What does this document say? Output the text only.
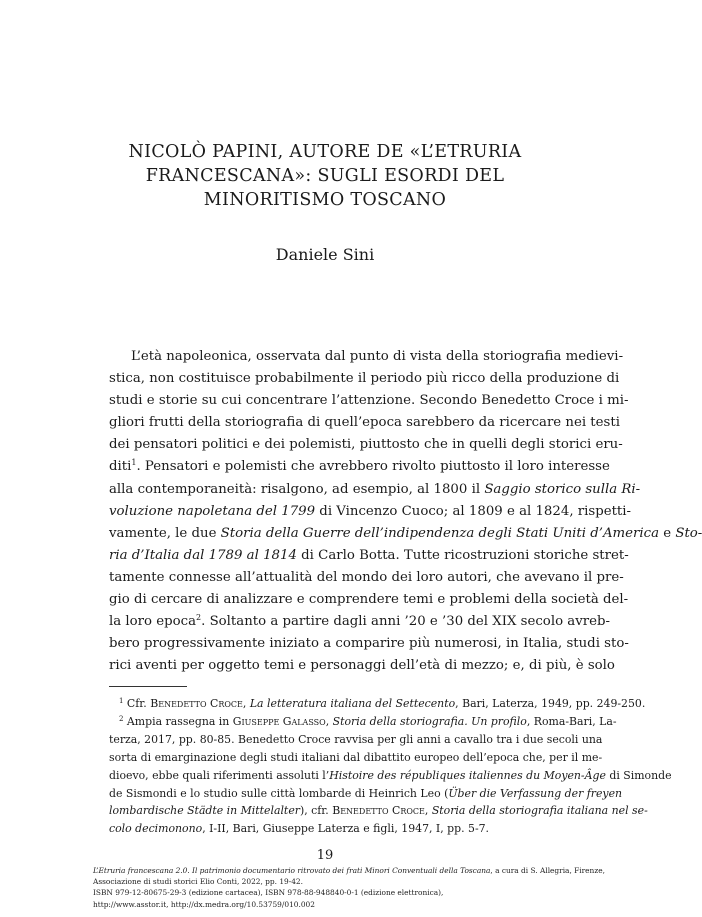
NICOLÒ PAPINI, AUTORE DE «L’ETRURIA
FRANCESCANA»: SUGLI ESORDI DEL
MINORITISMO TOSCANO
Daniele Sini
L’età napoleonica, osservata dal punto di vista della storiografia medievi-
stica, non costituisce probabilmente il periodo più ricco della produzione di
studi e storie su cui concentrare l’attenzione. Secondo Benedetto Croce i mi-
gliori frutti della storiografia di quell’epoca sarebbero da ricercare nei testi
dei pensatori politici e dei polemisti, piuttosto che in quelli degli storici eru-
diti$^1$. Pensatori e polemisti che avrebbero rivolto piuttosto il loro interesse
alla contemporaneità: risalgono, ad esempio, al 1800 il Saggio storico sulla Ri-
voluzione napoletana del 1799 di Vincenzo Cuoco; al 1809 e al 1824, rispetti-
vamente, le due Storia della Guerre dell’indipendenza degli Stati Uniti d’America e Sto-
ria d’Italia dal 1789 al 1814 di Carlo Botta. Tutte ricostruzioni storiche stret-
tamente connesse all’attualità del mondo dei loro autori, che avevano il pre-
gio di cercare di analizzare e comprendere temi e problemi della società del-
la loro epoca$^2$. Soltanto a partire dagli anni ’20 e ’30 del XIX secolo avreb-
bero progressivamente iniziato a comparire più numerosi, in Italia, studi sto-
rici aventi per oggetto temi e personaggi dell’età di mezzo; e, di più, è solo
$^1$ Cfr. Benedetto Croce, La letteratura italiana del Settecento, Bari, Laterza, 1949, pp. 249-250.
$^2$ Ampia rassegna in Giuseppe Galasso, Storia della storiografia. Un profilo, Roma-Bari, La-
terza, 2017, pp. 80-85. Benedetto Croce ravvisa per gli anni a cavallo tra i due secoli una
sorta di emarginazione degli studi italiani dal dibattito europeo dell’epoca che, per il me-
dioevo, ebbe quali riferimenti assoluti l’Histoire des républiques italiennes du Moyen-Âge di Simonde
de Sismondi e lo studio sulle città lombarde di Heinrich Leo (Über die Verfassung der freyen
lombardische Städte in Mittelalter), cfr. Benedetto Croce, Storia della storiografia italiana nel se-
colo decimonono, I-II, Bari, Giuseppe Laterza e figli, 1947, I, pp. 5-7.
19
L’Etruria francescana 2.0. Il patrimonio documentario ritrovato dei frati Minori Conventuali della Toscana, a cura di S. Allegria, Firenze,
Associazione di studi storici Elio Conti, 2022, pp. 19-42.
ISBN 979-12-80675-29-3 (edizione cartacea), ISBN 978-88-948840-0-1 (edizione elettronica),
http://www.asstor.it, http://dx.medra.org/10.53759/010.002
